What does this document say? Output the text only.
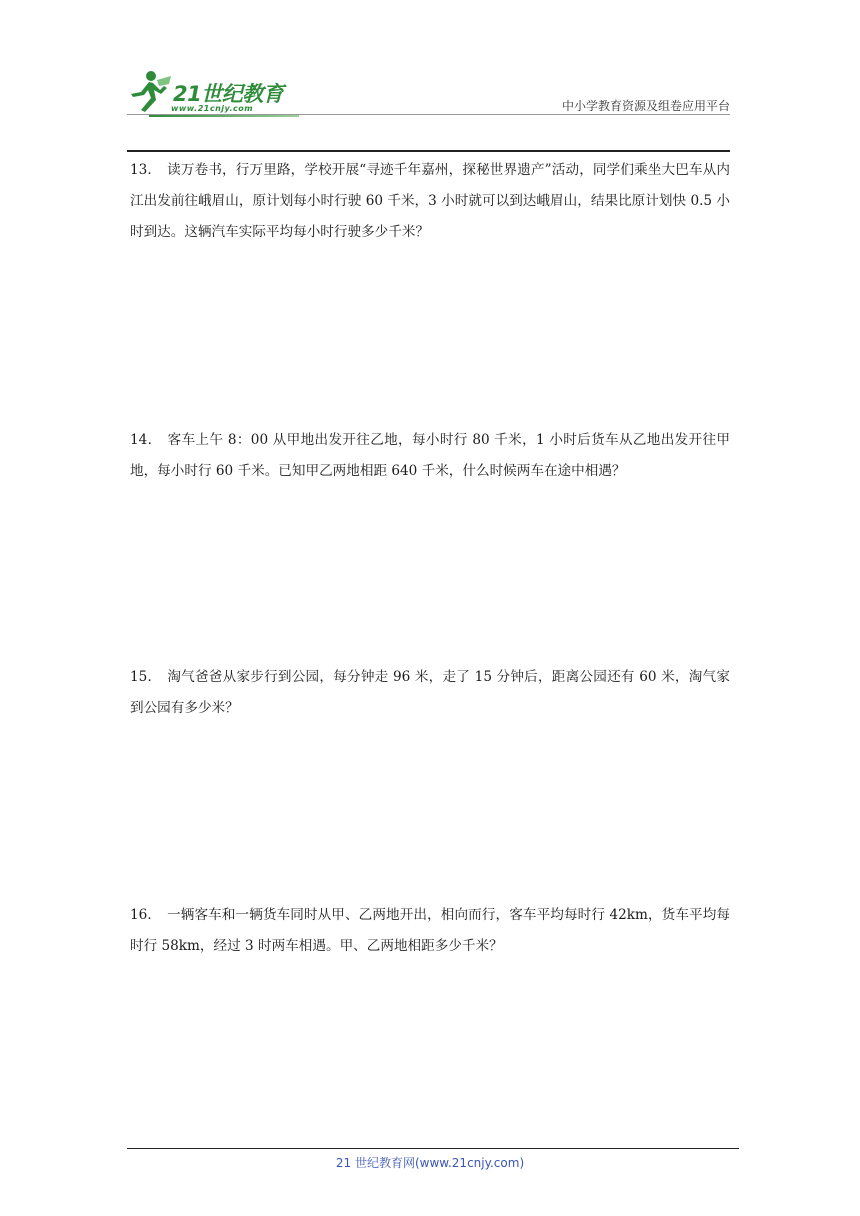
21世纪教育
www.21cnjy.com	中小学教育资源及组卷应用平台
13． 读万卷书，行万里路，学校开展“寻迹千年嘉州，探秘世界遗产”活动，同学们乘坐大巴车从内江出发前往峨眉山，原计划每小时行驶 60 千米，3 小时就可以到达峨眉山，结果比原计划快 0.5 小时到达。这辆汽车实际平均每小时行驶多少千米？
14． 客车上午 8：00 从甲地出发开往乙地，每小时行 80 千米，1 小时后货车从乙地出发开往甲地，每小时行 60 千米。已知甲乙两地相距 640 千米，什么时候两车在途中相遇？
15． 淘气爸爸从家步行到公园，每分钟走 96 米，走了 15 分钟后，距离公园还有 60 米，淘气家到公园有多少米？
16． 一辆客车和一辆货车同时从甲、乙两地开出，相向而行，客车平均每时行 42km，货车平均每时行 58km，经过 3 时两车相遇。甲、乙两地相距多少千米？
21 世纪教育网(www.21cnjy.com)
